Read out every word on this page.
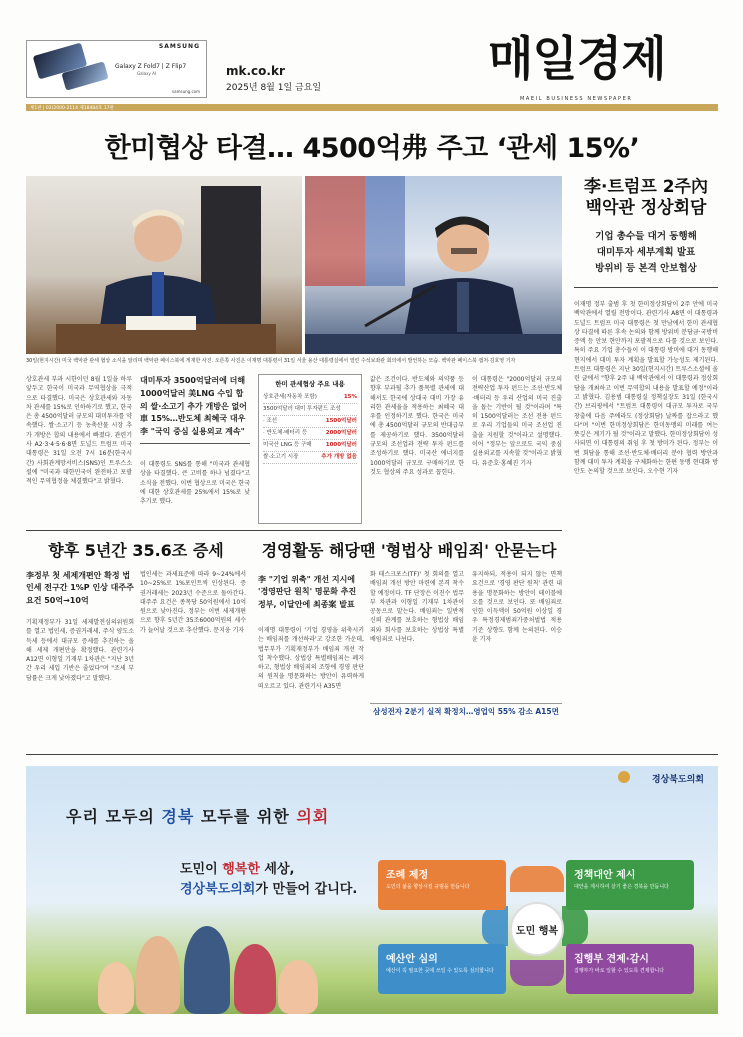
SAMSUNG
Galaxy Z Fold7 | Z Flip7
Galaxy AI
samsung.com
mk.co.kr
2025년 8월 1일 금요일
매일경제
MAEIL BUSINESS NEWSPAPER
제1판 | 02)2000-2114 제18484호 17판
한미협상 타결… 4500억弗 주고 ‘관세 15%’
30일(현지시간) 미국 백악관 관세 협상 소식을 알리며 백악관 페이스북에 게재한 사진. 오른쪽 사진은 이재명 대통령이 31일 서울 용산 대통령실에서 열린 수석보좌관 회의에서 발언하는 모습. 백악관 페이스북 캡처·김호영 기자
李·트럼프 2주內 백악관 정상회담
기업 총수들 대거 동행해
대미투자 세부계획 발표
방위비 등 본격 안보협상
이재명 정부 출범 후 첫 한미정상회담이 2주 안에 미국 백악관에서 열릴 전망이다. 관련기사 A8면 이 대통령과 도널드 트럼프 미국 대통령은 첫 만남에서 한미 관세협상 타결에 따른 후속 논의와 함께 방위비 분담금·국방비 증액 등 안보 현안까지 포괄적으로 다룰 것으로 보인다. 특히 주요 기업 총수들이 이 대통령 방미에 대거 동행해 현지에서 대미 투자 계획을 발표할 가능성도 제기된다. 트럼프 대통령은 지난 30일(현지시간) 트루스소셜에 올린 글에서 "향후 2주 내 백악관에서 이 대통령과 정상회담을 개최하고 이번 무역합의 내용을 발표할 예정"이라고 밝혔다. 김용범 대통령실 정책실장도 31일 (한국시간) 브리핑에서 "트럼프 대통령이 대규모 투자로 국부창출에 다음 주에라도 (정상회담) 날짜를 잡으라고 했다"며 "이번 한미정상회담은 한미동맹의 미래를 여는 뜻깊은 계기가 될 것"이라고 말했다. 한미정상회담이 성사되면 이 대통령의 취임 후 첫 방미가 된다. 정부는 이번 회담을 통해 조선·반도체·배터리 분야 협력 방안과 함께 대미 투자 계획을 구체화하는 한편 동맹 현대화 방안도 논의할 것으로 보인다. 오수현 기자
상호관세 부과 시한이던 8월 1일을 하루 앞두고 한국이 미국과 무역협상을 극적으로 타결했다. 미국은 상호관세와 자동차 관세를 15%로 인하하기로 했고, 한국은 총 4500억달러 규모의 대미투자를 약속했다. 쌀·소고기 등 농축산물 시장 추가 개방은 합의 내용에서 빠졌다. 관련기사 A2·3·4·5·6·8면 도널드 트럼프 미국 대통령은 31일 오전 7시 16분(한국시간) 사회관계망서비스(SNS)인 트루스소셜에 "미국과 대한민국이 완전하고 포괄적인 무역협정을 체결했다"고 밝혔다.
대미투자 3500억달러에 더해 1000억달러 美LNG 수입 합의 쌀·소고기 추가 개방은 없어 車 15%…반도체 최혜국 대우 李 "국익 중심 실용외교 계속"
이 대통령도 SNS를 통해 "미국과 관세협상을 타결했다. 큰 고비를 하나 넘겼다"고 소식을 전했다. 이번 협상으로 미국은 한국에 대한 상호관세를 25%에서 15%로 낮추기로 했다.
한미 관세협상 주요 내용
상호관세(자동차 포함)	15%
3500억달러 대미 투자펀드 조성
· 조선	1500억달러
· 반도체·배터리 등	2000억달러
미국산 LNG 등 구매	1000억달러
쌀·소고기 시장	추가 개방 없음
값은 조건이다. 반도체와 의약품 등 향후 부과될 추가 품목별 관세에 대해서도 한국에 상대국 대비 가장 유리한 관세율을 적용하는 최혜국 대우를 인정하기로 했다. 한국은 미국에 총 4500억달러 규모의 반대급부를 제공하기로 했다. 3500억달러 규모의 조선업과 전략 투자 펀드를 조성하기로 했다. 미국산 에너지를 1000억달러 규모로 구매하기로 한 것도 협상의 주요 성과로 꼽힌다.
이 대통령은 "2000억달러 규모의 전략산업 투자 펀드는 조선·반도체·배터리 등 우리 산업의 미국 진출을 돕는 기반이 될 것"이라며 "특히 1500억달러는 조선 전용 펀드로 우리 기업들의 미국 조선업 진출을 지원할 것"이라고 설명했다. 이어 "정부는 앞으로도 국익 중심 실용외교를 지속할 것"이라고 밝혔다. 유준호·홍혜진 기자
향후 5년간 35.6조 증세
李정부 첫 세제개편안 확정 법인세 전구간 1%P 인상 대주주 요건 50억→10억
기획재정부가 31일 세제발전심의위원회를 열고 법인세, 증권거래세, 주식 양도소득세 등에서 대규모 증세를 추진하는 올해 세제 개편안을 확정했다. 관련기사 A12면 이형일 기재부 1차관은 "지난 3년간 우리 세입 기반은 줄었다"며 "조세 부담률은 크게 낮아졌다"고 말했다.
법인세는 과세표준에 따라 9~24%에서 10~25%로 1%포인트씩 인상된다. 증권거래세는 2023년 수준으로 돌아간다. 대주주 요건은 종목당 50억원에서 10억원으로 낮아진다. 정부는 이번 세제개편으로 향후 5년간 35조6000억원의 세수가 늘어날 것으로 추산했다. 문지웅 기자
경영활동 해당땐 '형법상 배임죄' 안묻는다
李 "기업 위축" 개선 지시에 '경영판단 원칙' 명문화 추진 정부, 이달안에 최종案 발표
이재명 대통령이 '기업 경영을 위축시키는 배임죄를 개선하라'고 강조한 가운데, 법무부가 기획재정부가 배임죄 개선 작업 착수했다. 상법상 특별배임죄는 폐지하고, 형법상 배임죄의 조항에 경영 판단의 원칙을 명문화하는 방안이 유력하게 떠오르고 있다. 관련기사 A35면
화 태스크포스(TF)' 첫 회의를 열고 배임죄 개선 방안 마련에 본격 착수할 예정이다. TF 단장은 이진수 법무부 차관과 이형일 기재부 1차관이 공동으로 맡는다. 배임죄는 일반적 신뢰 관계를 보호하는 형법상 배임죄와 회사를 보호하는 상법상 특별배임죄로 나뉜다.
유지하되, 적용이 되지 않는 면책 요건으로 '경영 판단 원칙' 관련 내용을 명문화하는 방안이 테이블에 오를 것으로 보인다. 또 배임죄로 인한 이득액이 50억원 이상일 경우 특정경제범죄가중처벌법 적용 기준 상향도 함께 논의된다. 이승윤 기자
삼성전자 2분기 실적 확정치…영업익 55% 감소 A15면
경상북도의회
우리 모두의 경북 모두를 위한 의회
도민이 행복한 세상,
경상북도의회가 만들어 갑니다.
도민 행복
조례 제정
도민의 삶을 향상시킬 규범을 만듭니다
정책대안 제시
대안을 제시하여 살기 좋은 경북을 만듭니다
예산안 심의
예산이 꼭 필요한 곳에 쓰일 수 있도록 심의합니다
집행부 견제·감시
집행부가 바로 일할 수 있도록 견제합니다
